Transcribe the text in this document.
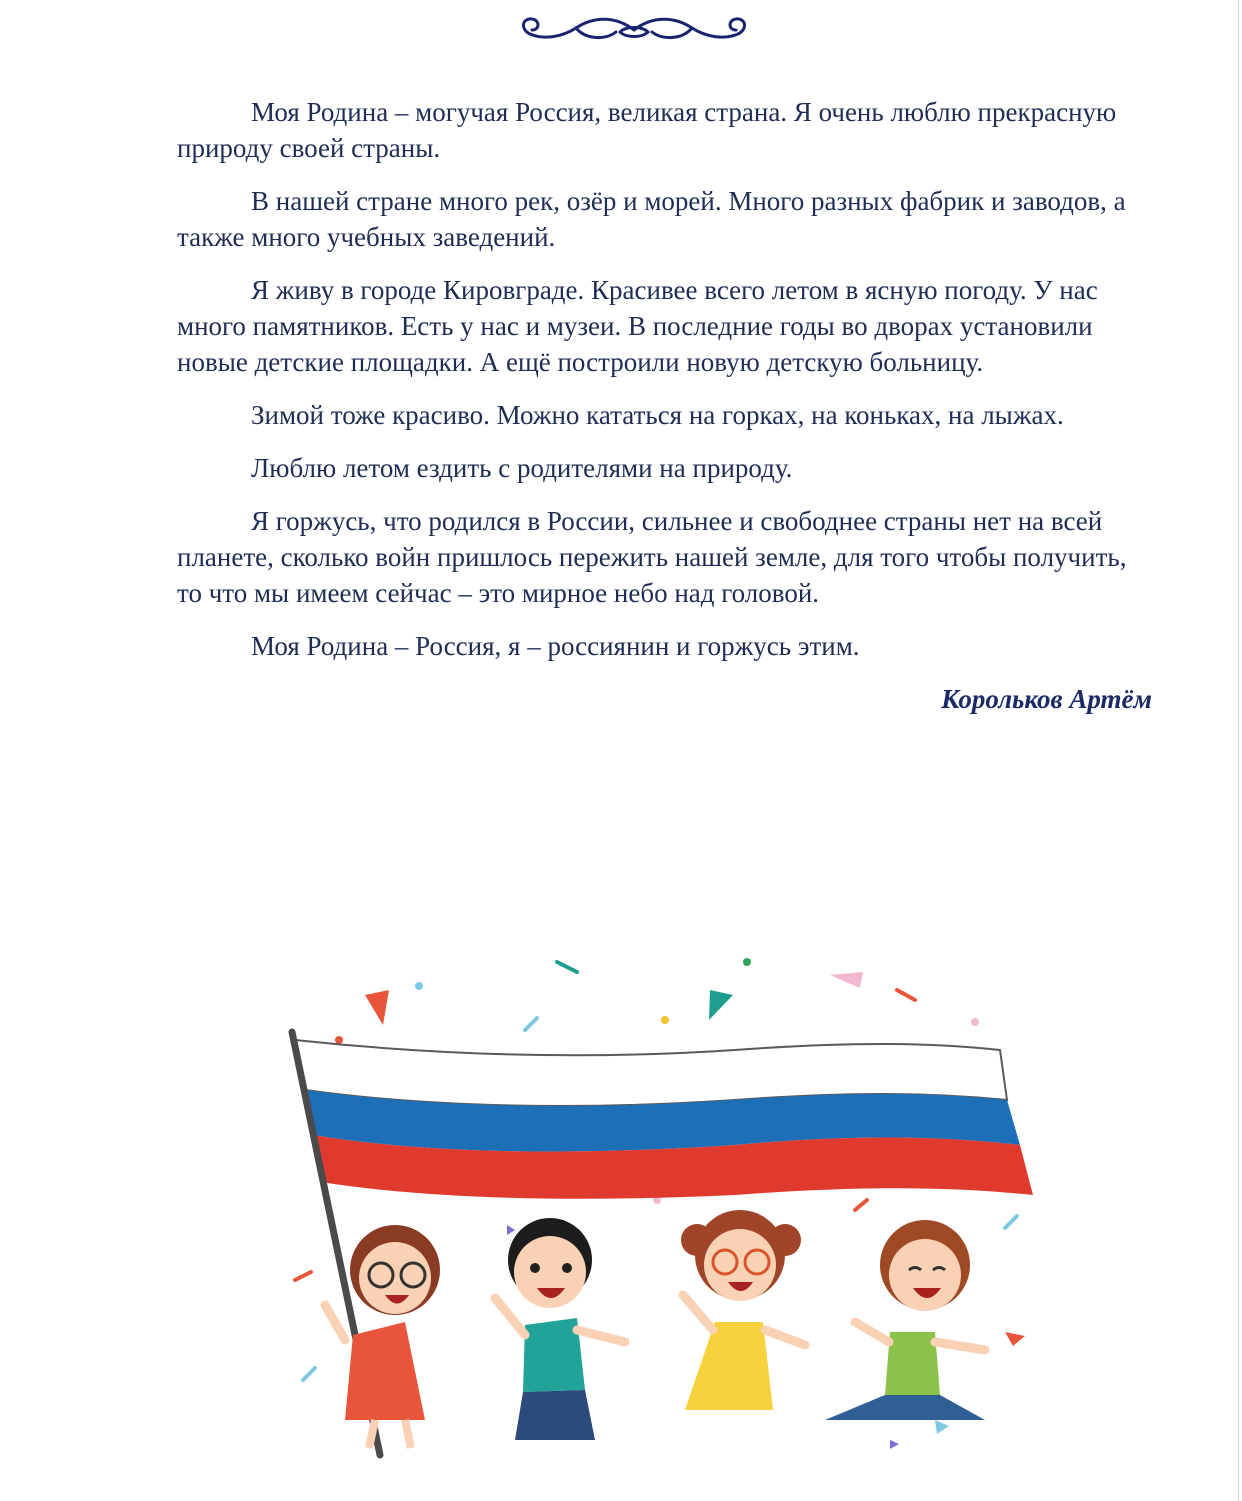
Моя Родина – могучая Россия, великая страна. Я очень люблю прекрасную природу своей страны.

В нашей стране много рек, озёр и морей. Много разных фабрик и заводов, а также много учебных заведений.

Я живу в городе Кировграде. Красивее всего летом в ясную погоду. У нас много памятников. Есть у нас и музеи. В последние годы во дворах установили новые детские площадки. А ещё построили новую детскую больницу.

Зимой тоже красиво. Можно кататься на горках, на коньках, на лыжах.

Люблю летом ездить с родителями на природу.

Я горжусь, что родился в России, сильнее и свободнее страны нет на всей планете, сколько войн пришлось пережить нашей земле, для того чтобы получить, то что мы имеем сейчас – это мирное небо над головой.

Моя Родина – Россия, я – россиянин и горжусь этим.

Корольков Артём
